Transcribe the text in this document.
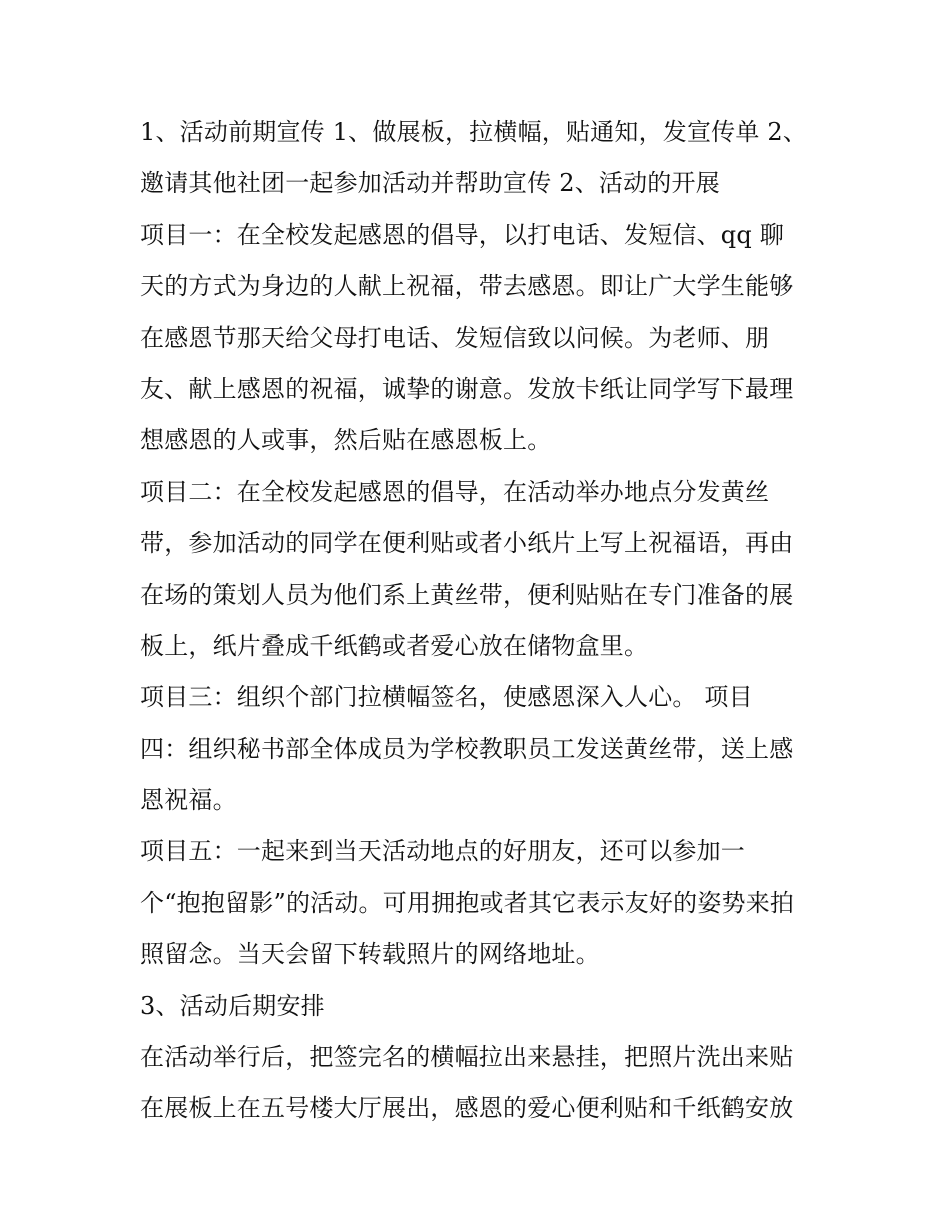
1、活动前期宣传 1、做展板，拉横幅，贴通知，发宣传单 2、
邀请其他社团一起参加活动并帮助宣传 2、活动的开展
项目一：在全校发起感恩的倡导，以打电话、发短信、qq 聊
天的方式为身边的人献上祝福，带去感恩。即让广大学生能够
在感恩节那天给父母打电话、发短信致以问候。为老师、朋
友、献上感恩的祝福，诚挚的谢意。发放卡纸让同学写下最理
想感恩的人或事，然后贴在感恩板上。
项目二：在全校发起感恩的倡导，在活动举办地点分发黄丝
带，参加活动的同学在便利贴或者小纸片上写上祝福语，再由
在场的策划人员为他们系上黄丝带，便利贴贴在专门准备的展
板上，纸片叠成千纸鹤或者爱心放在储物盒里。
项目三：组织个部门拉横幅签名，使感恩深入人心。 项目
四：组织秘书部全体成员为学校教职员工发送黄丝带，送上感
恩祝福。
项目五：一起来到当天活动地点的好朋友，还可以参加一
个“抱抱留影”的活动。可用拥抱或者其它表示友好的姿势来拍
照留念。当天会留下转载照片的网络地址。
3、活动后期安排
在活动举行后，把签完名的横幅拉出来悬挂，把照片洗出来贴
在展板上在五号楼大厅展出，感恩的爱心便利贴和千纸鹤安放
